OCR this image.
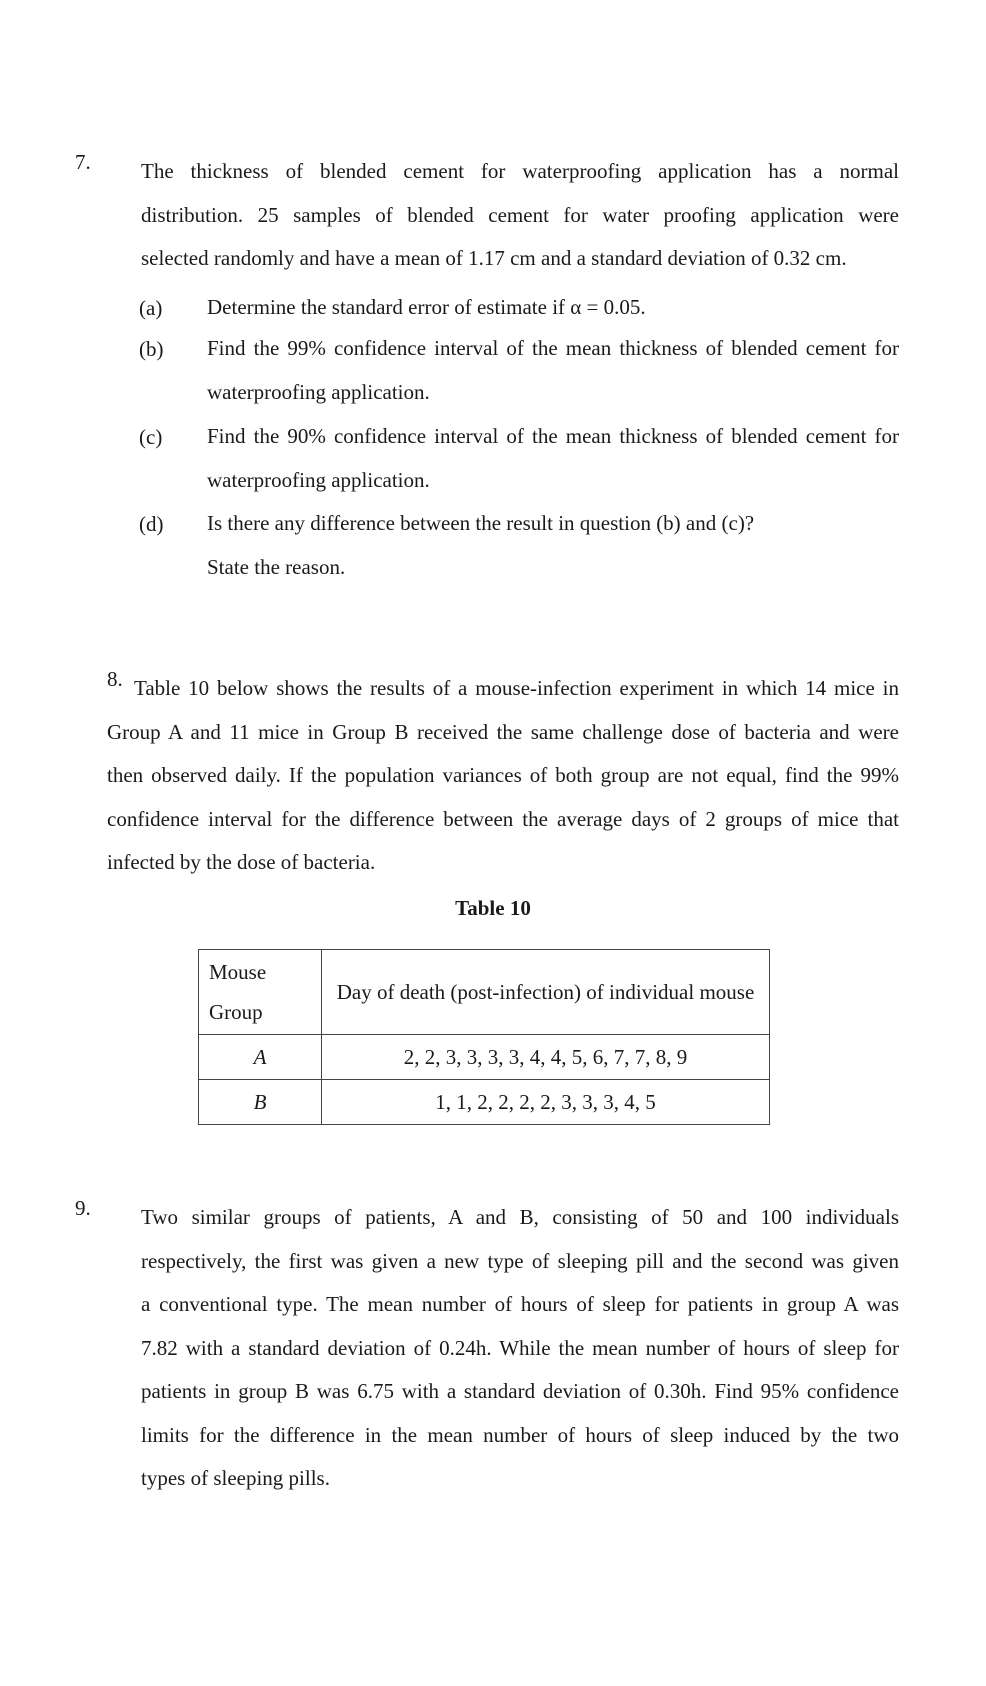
7. The thickness of blended cement for waterproofing application has a normal
distribution. 25 samples of blended cement for water proofing application were
selected randomly and have a mean of 1.17 cm and a standard deviation of 0.32 cm.
(a) Determine the standard error of estimate if α = 0.05.
(b) Find the 99% confidence interval of the mean thickness of blended cement for
waterproofing application.
(c) Find the 90% confidence interval of the mean thickness of blended cement for
waterproofing application.
(d) Is there any difference between the result in question (b) and (c)?
State the reason.
8. Table 10 below shows the results of a mouse-infection experiment in which 14 mice in
Group A and 11 mice in Group B received the same challenge dose of bacteria and were
then observed daily. If the population variances of both group are not equal, find the 99%
confidence interval for the difference between the average days of 2 groups of mice that
infected by the dose of bacteria.
Table 10
Mouse Group	Day of death (post-infection) of individual mouse
A	2, 2, 3, 3, 3, 3, 4, 4, 5, 6, 7, 7, 8, 9
B	1, 1, 2, 2, 2, 2, 3, 3, 3, 4, 5
9. Two similar groups of patients, A and B, consisting of 50 and 100 individuals
respectively, the first was given a new type of sleeping pill and the second was given
a conventional type. The mean number of hours of sleep for patients in group A was
7.82 with a standard deviation of 0.24h. While the mean number of hours of sleep for
patients in group B was 6.75 with a standard deviation of 0.30h. Find 95% confidence
limits for the difference in the mean number of hours of sleep induced by the two
types of sleeping pills.
